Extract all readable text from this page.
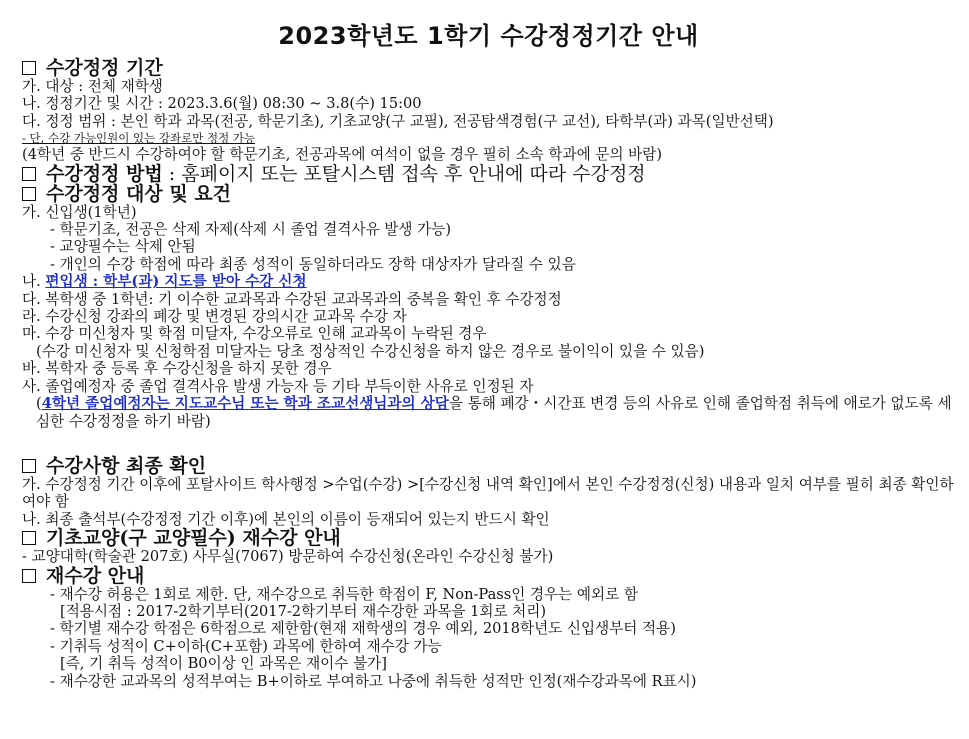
2023학년도 1학기 수강정정기간 안내
수강정정 기간

가. 대상 : 전체 재학생

나. 정정기간 및 시간 : 2023.3.6(월) 08:30 ~ 3.8(수) 15:00

다. 정정 범위 : 본인 학과 과목(전공, 학문기초), 기초교양(구 교필), 전공탐색경험(구 교선), 타학부(과) 과목(일반선택)

- 단, 수강 가능인원이 있는 강좌로만 정정 가능

(4학년 중 반드시 수강하여야 할 학문기초, 전공과목에 여석이 없을 경우 필히 소속 학과에 문의 바람)

수강정정 방법 : 홈페이지 또는 포탈시스템 접속 후 안내에 따라 수강정정
수강정정 대상 및 요건

가. 신입생(1학년)

- 학문기초, 전공은 삭제 자제(삭제 시 졸업 결격사유 발생 가능)

- 교양필수는 삭제 안됨

- 개인의 수강 학점에 따라 최종 성적이 동일하더라도 장학 대상자가 달라질 수 있음

나. 편입생 : 학부(과) 지도를 받아 수강 신청

다. 복학생 중 1학년: 기 이수한 교과목과 수강된 교과목과의 중복을 확인 후 수강정정

라. 수강신청 강좌의 폐강 및 변경된 강의시간 교과목 수강 자

마. 수강 미신청자 및 학점 미달자, 수강오류로 인해 교과목이 누락된 경우

(수강 미신청자 및 신청학점 미달자는 당초 정상적인 수강신청을 하지 않은 경우로 불이익이 있을 수 있음)

바. 복학자 중 등록 후 수강신청을 하지 못한 경우

사. 졸업예정자 중 졸업 결격사유 발생 가능자 등 기타 부득이한 사유로 인정된 자

(4학년 졸업예정자는 지도교수님 또는 학과 조교선생님과의 상담을 통해 폐강・시간표 변경 등의 사유로 인해 졸업학점 취득에 애로가 없도록 세심한 수강정정을 하기 바람)

수강사항 최종 확인

가. 수강정정 기간 이후에 포탈사이트 학사행정 >수업(수강) >[수강신청 내역 확인]에서 본인 수강정정(신청) 내용과 일치 여부를 필히 최종 확인하여야 함

나. 최종 출석부(수강정정 기간 이후)에 본인의 이름이 등재되어 있는지 반드시 확인

기초교양(구 교양필수) 재수강 안내

- 교양대학(학술관 207호) 사무실(7067) 방문하여 수강신청(온라인 수강신청 불가)

재수강 안내

- 재수강 허용은 1회로 제한. 단, 재수강으로 취득한 학점이 F, Non-Pass인 경우는 예외로 함

[적용시점 : 2017-2학기부터(2017-2학기부터 재수강한 과목을 1회로 처리)

- 학기별 재수강 학점은 6학점으로 제한함(현재 재학생의 경우 예외, 2018학년도 신입생부터 적용)

- 기취득 성적이 C+이하(C+포함) 과목에 한하여 재수강 가능

[즉, 기 취득 성적이 B0이상 인 과목은 재이수 불가]

- 재수강한 교과목의 성적부여는 B+이하로 부여하고 나중에 취득한 성적만 인정(재수강과목에 R표시)
